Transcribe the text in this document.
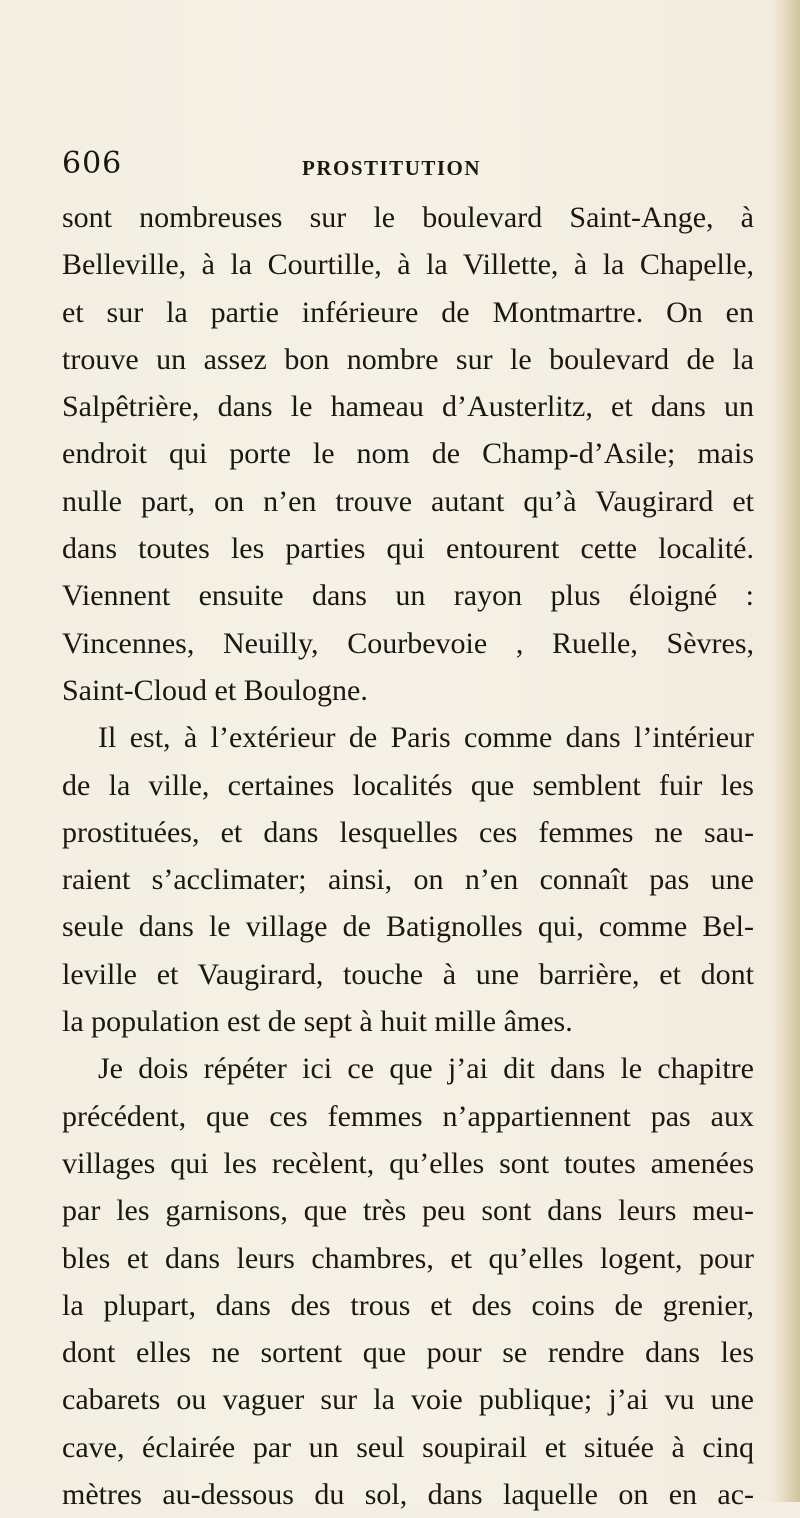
606	PROSTITUTION
sont nombreuses sur le boulevard Saint-Ange, à
Belleville, à la Courtille, à la Villette, à la Chapelle,
et sur la partie inférieure de Montmartre. On en
trouve un assez bon nombre sur le boulevard de la
Salpêtrière, dans le hameau d’Austerlitz, et dans un
endroit qui porte le nom de Champ-d’Asile; mais
nulle part, on n’en trouve autant qu’à Vaugirard et
dans toutes les parties qui entourent cette localité.
Viennent ensuite dans un rayon plus éloigné :
Vincennes, Neuilly, Courbevoie , Ruelle, Sèvres,
Saint-Cloud et Boulogne.
Il est, à l’extérieur de Paris comme dans l’intérieur
de la ville, certaines localités que semblent fuir les
prostituées, et dans lesquelles ces femmes ne sau-
raient s’acclimater; ainsi, on n’en connaît pas une
seule dans le village de Batignolles qui, comme Bel-
leville et Vaugirard, touche à une barrière, et dont
la population est de sept à huit mille âmes.
Je dois répéter ici ce que j’ai dit dans le chapitre
précédent, que ces femmes n’appartiennent pas aux
villages qui les recèlent, qu’elles sont toutes amenées
par les garnisons, que très peu sont dans leurs meu-
bles et dans leurs chambres, et qu’elles logent, pour
la plupart, dans des trous et des coins de grenier,
dont elles ne sortent que pour se rendre dans les
cabarets ou vaguer sur la voie publique; j’ai vu une
cave, éclairée par un seul soupirail et située à cinq
mètres au-dessous du sol, dans laquelle on en ac-
